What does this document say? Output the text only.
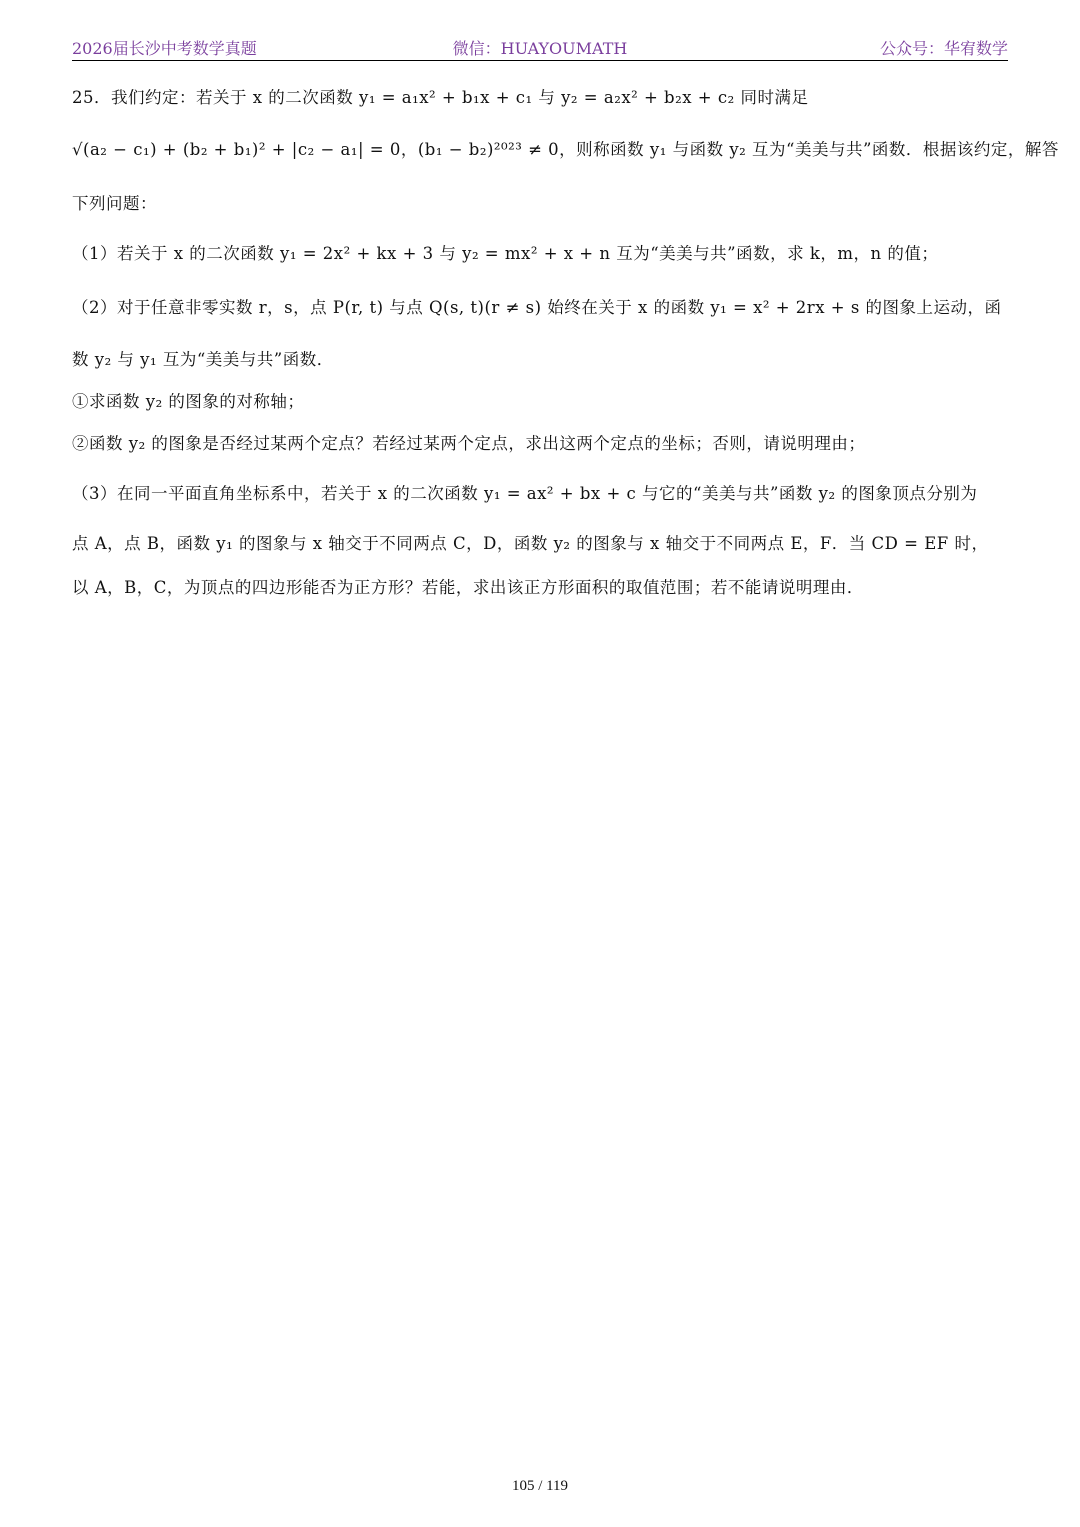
2026届长沙中考数学真题	微信：HUAYOUMATH	公众号：华宥数学
25．我们约定：若关于 x 的二次函数 y₁ = a₁x² + b₁x + c₁ 与 y₂ = a₂x² + b₂x + c₂ 同时满足
√(a₂ − c₁) + (b₂ + b₁)² + |c₂ − a₁| = 0，(b₁ − b₂)²⁰²³ ≠ 0，则称函数 y₁ 与函数 y₂ 互为“美美与共”函数．根据该约定，解答
下列问题：
（1）若关于 x 的二次函数 y₁ = 2x² + kx + 3 与 y₂ = mx² + x + n 互为“美美与共”函数，求 k，m，n 的值；
（2）对于任意非零实数 r，s，点 P(r, t) 与点 Q(s, t)(r ≠ s) 始终在关于 x 的函数 y₁ = x² + 2rx + s 的图象上运动，函
数 y₂ 与 y₁ 互为“美美与共”函数．
①求函数 y₂ 的图象的对称轴；
②函数 y₂ 的图象是否经过某两个定点？若经过某两个定点，求出这两个定点的坐标；否则，请说明理由；
（3）在同一平面直角坐标系中，若关于 x 的二次函数 y₁ = ax² + bx + c 与它的“美美与共”函数 y₂ 的图象顶点分别为
点 A，点 B，函数 y₁ 的图象与 x 轴交于不同两点 C，D，函数 y₂ 的图象与 x 轴交于不同两点 E，F．当 CD = EF 时，
以 A，B，C，为顶点的四边形能否为正方形？若能，求出该正方形面积的取值范围；若不能请说明理由．
105 / 119
